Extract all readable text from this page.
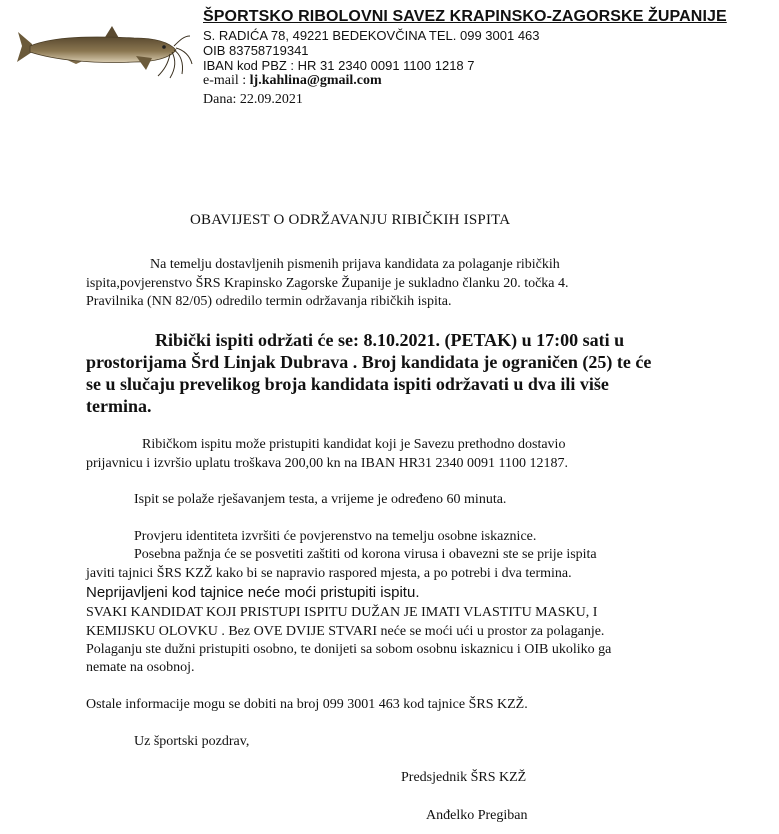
ŠPORTSKO RIBOLOVNI SAVEZ KRAPINSKO-ZAGORSKE ŽUPANIJE
S. RADIĆA 78, 49221 BEDEKOVČINA TEL. 099 3001 463
OIB 83758719341
IBAN kod PBZ : HR 31 2340 0091 1100 1218 7
e-mail : lj.kahlina@gmail.com
Dana: 22.09.2021
OBAVIJEST O ODRŽAVANJU RIBIČKIH ISPITA
Na temelju dostavljenih pismenih prijava kandidata za polaganje ribičkih
ispita,povjerenstvo ŠRS Krapinsko Zagorske Županije je sukladno članku 20. točka 4.
Pravilnika (NN 82/05) odredilo termin održavanja ribičkih ispita.
Ribički ispiti održati će se: 8.10.2021. (PETAK) u 17:00 sati u
prostorijama Šrd Linjak Dubrava . Broj kandidata je ograničen (25) te će
se u slučaju prevelikog broja kandidata ispiti održavati u dva ili više
termina.
Ribičkom ispitu može pristupiti kandidat koji je Savezu prethodno dostavio
prijavnicu i izvršio uplatu troškava 200,00 kn na IBAN HR31 2340 0091 1100 12187.
Ispit se polaže rješavanjem testa, a vrijeme je određeno 60 minuta.
Provjeru identiteta izvršiti će povjerenstvo na temelju osobne iskaznice.
Posebna pažnja će se posvetiti zaštiti od korona virusa i obavezni ste se prije ispita
javiti tajnici ŠRS KZŽ kako bi se napravio raspored mjesta, a po potrebi i dva termina.
Neprijavljeni kod tajnice neće moći pristupiti ispitu.
SVAKI KANDIDAT KOJI PRISTUPI ISPITU DUŽAN JE IMATI VLASTITU MASKU, I
KEMIJSKU OLOVKU . Bez OVE DVIJE STVARI neće se moći ući u prostor za polaganje.
Polaganju ste dužni pristupiti osobno, te donijeti sa sobom osobnu iskaznicu i OIB ukoliko ga
nemate na osobnoj.
Ostale informacije mogu se dobiti na broj 099 3001 463 kod tajnice ŠRS KZŽ.
Uz športski pozdrav,
Predsjednik ŠRS KZŽ
Anđelko Pregiban
